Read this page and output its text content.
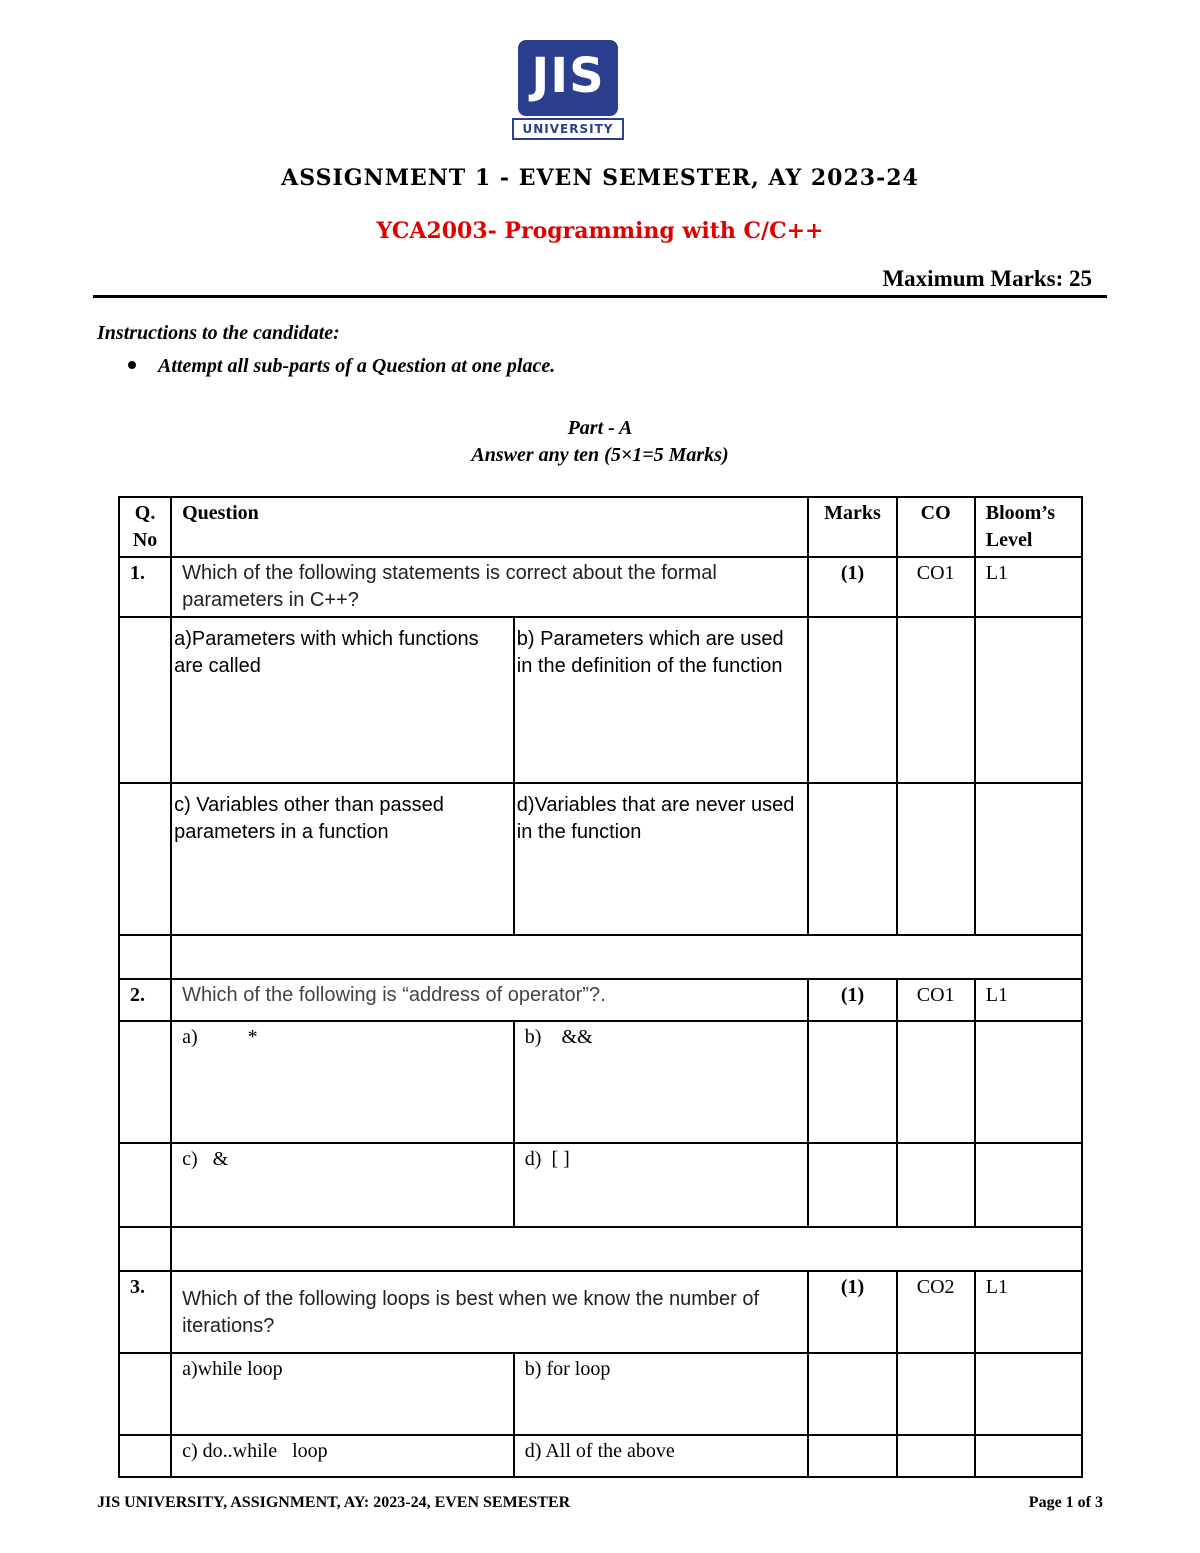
JIS
UNIVERSITY
ASSIGNMENT 1 - EVEN SEMESTER, AY 2023-24
YCA2003- Programming with C/C++
Maximum Marks: 25
Instructions to the candidate:
Attempt all sub-parts of a Question at one place.
Part - A
Answer any ten (5×1=5 Marks)
Q. No	Question		Marks	CO	Bloom’s Level
1.	Which of the following statements is correct about the formal parameters in C++?		(1)	CO1	L1
	a)Parameters with which functions are called	b) Parameters which are used in the definition of the function			
	c) Variables other than passed parameters in a function	d)Variables that are never used in the function			

2.	Which of the following is “address of operator”?.		(1)	CO1	L1
	a)          *	b)    &&			
	c)   &	d)  [ ]			

3.	Which of the following loops is best when we know the number of iterations?		(1)	CO2	L1
	a)while loop	b) for loop			
	c) do..while   loop	d) All of the above			
JIS UNIVERSITY, ASSIGNMENT, AY: 2023-24, EVEN SEMESTER	Page 1 of 3
